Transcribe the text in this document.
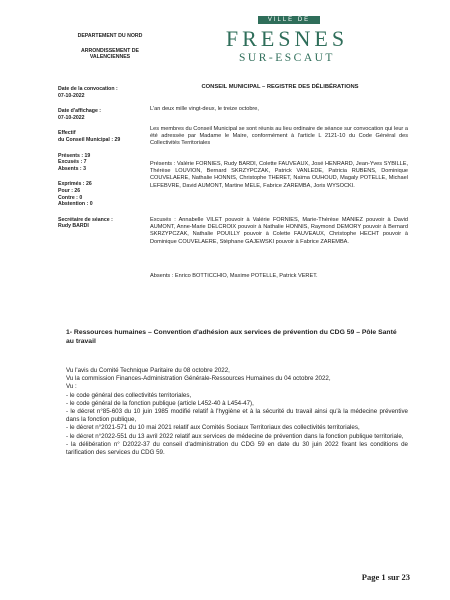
DEPARTEMENT DU NORD
ARRONDISSEMENT DE
VALENCIENNES
VILLE DE
FRESNES
SUR-ESCAUT
Date de la convocation :
07-10-2022
Date d'affichage :
07-10-2022
Effectif
du Conseil Municipal : 29
Présents : 19
Excusés : 7
Absents : 3
Exprimés : 26
Pour : 26
Contre : 0
Abstention : 0
Secrétaire de séance :
Rudy BARDI
CONSEIL MUNICIPAL – REGISTRE DES DÉLIBÉRATIONS
L'an deux mille vingt-deux, le treize octobre,
Les membres du Conseil Municipal se sont réunis au lieu ordinaire de séance sur convocation qui leur a été adressée par Madame le Maire, conformément à l'article L 2121-10 du Code Général des Collectivités Territoriales
Présents : Valérie FORNIES, Rudy BARDI, Colette FAUVEAUX, José HENRARD, Jean-Yves SYBILLE, Thérèse LOUVION, Bernard SKRZYPCZAK, Patrick VANLEDE, Patricia RUBENS, Dominique COUVELAERE, Nathalie HONNIS, Christophe THERET, Naïma OUHOUD, Magaly POTELLE, Michael LEFEBVRE, David AUMONT, Martine MELE, Fabrice ZAREMBA, Joris WYSOCKI.
Excusés : Annabelle VILET pouvoir à Valérie FORNIES, Marie-Thérèse MANIEZ pouvoir à David AUMONT, Anne-Marie DELCROIX pouvoir à Nathalie HONNIS, Raymond DEMORY pouvoir à Bernard SKRZYPCZAK, Nathalie POUILLY pouvoir à Colette FAUVEAUX, Christophe HECHT pouvoir à Dominique COUVELAERE, Stéphane GAJEWSKI pouvoir à Fabrice ZAREMBA.
Absents : Enrico BOTTICCHIO, Maxime POTELLE, Patrick VERET.
1- Ressources humaines – Convention d'adhésion aux services de prévention du CDG 59 – Pôle Santé au travail
Vu l'avis du Comité Technique Paritaire du 08 octobre 2022,
Vu la commission Finances-Administration Générale-Ressources Humaines du 04 octobre 2022,
Vu :
- le code général des collectivités territoriales,
- le code général de la fonction publique (article L452-40 à L454-47),
- le décret n°85-603 du 10 juin 1985 modifié relatif à l'hygiène et à la sécurité du travail ainsi qu'à la médecine préventive dans la fonction publique,
- le décret n°2021-571 du 10 mai 2021 relatif aux Comités Sociaux Territoriaux des collectivités territoriales,
- le décret n°2022-551 du 13 avril 2022 relatif aux services de médecine de prévention dans la fonction publique territoriale,
- la délibération n° D2022-37 du conseil d'administration du CDG 59 en date du 30 juin 2022 fixant les conditions de tarification des services du CDG 59.
Page 1 sur 23
